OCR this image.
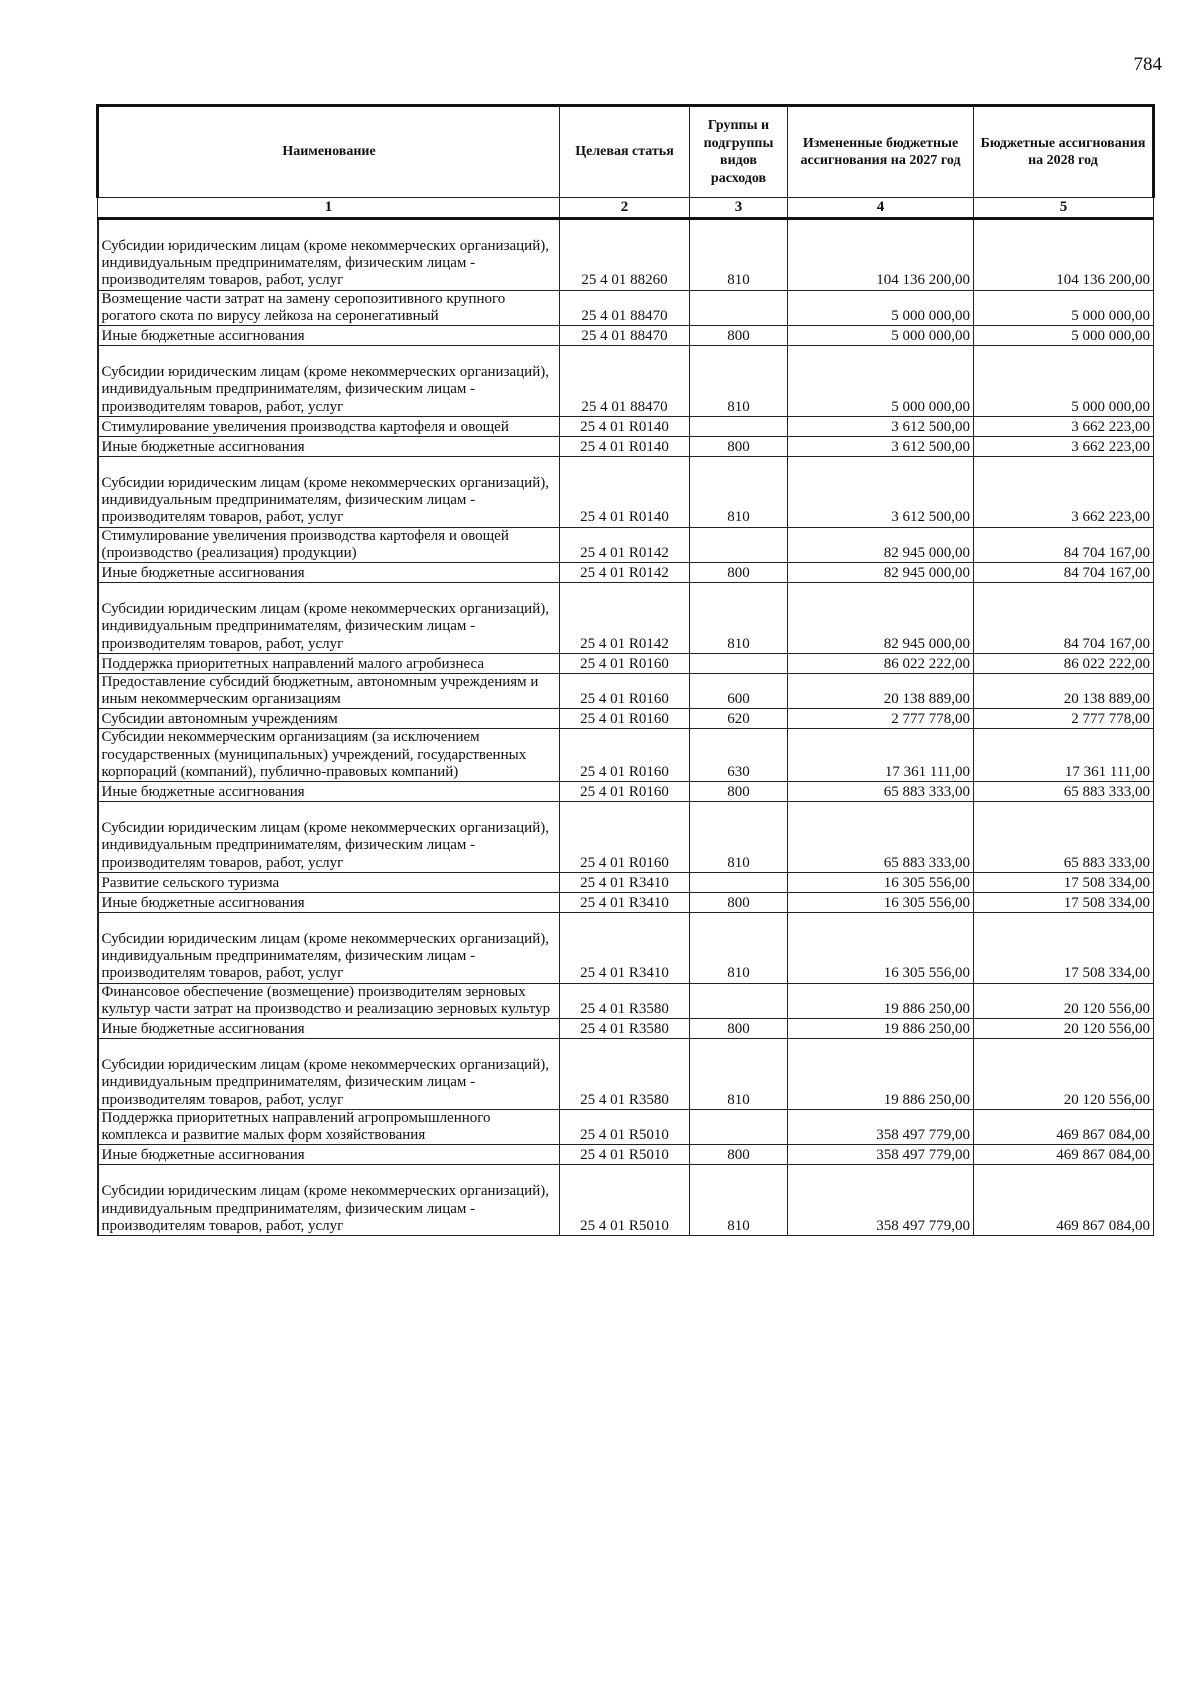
784
Наименование	Целевая статья	Группы и подгруппы видов расходов	Измененные бюджетные ассигнования на 2027 год	Бюджетные ассигнования на 2028 год
1	2	3	4	5
Субсидии юридическим лицам (кроме некоммерческих организаций), индивидуальным предпринимателям, физическим лицам - производителям товаров, работ, услуг	25 4 01 88260	810	104 136 200,00	104 136 200,00
Возмещение части затрат на замену серопозитивного крупного рогатого скота по вирусу лейкоза на серонегативный	25 4 01 88470		5 000 000,00	5 000 000,00
Иные бюджетные ассигнования	25 4 01 88470	800	5 000 000,00	5 000 000,00
Субсидии юридическим лицам (кроме некоммерческих организаций), индивидуальным предпринимателям, физическим лицам - производителям товаров, работ, услуг	25 4 01 88470	810	5 000 000,00	5 000 000,00
Стимулирование увеличения производства картофеля и овощей	25 4 01 R0140		3 612 500,00	3 662 223,00
Иные бюджетные ассигнования	25 4 01 R0140	800	3 612 500,00	3 662 223,00
Субсидии юридическим лицам (кроме некоммерческих организаций), индивидуальным предпринимателям, физическим лицам - производителям товаров, работ, услуг	25 4 01 R0140	810	3 612 500,00	3 662 223,00
Стимулирование увеличения производства картофеля и овощей (производство (реализация) продукции)	25 4 01 R0142		82 945 000,00	84 704 167,00
Иные бюджетные ассигнования	25 4 01 R0142	800	82 945 000,00	84 704 167,00
Субсидии юридическим лицам (кроме некоммерческих организаций), индивидуальным предпринимателям, физическим лицам - производителям товаров, работ, услуг	25 4 01 R0142	810	82 945 000,00	84 704 167,00
Поддержка приоритетных направлений малого агробизнеса	25 4 01 R0160		86 022 222,00	86 022 222,00
Предоставление субсидий бюджетным, автономным учреждениям и иным некоммерческим организациям	25 4 01 R0160	600	20 138 889,00	20 138 889,00
Субсидии автономным учреждениям	25 4 01 R0160	620	2 777 778,00	2 777 778,00
Субсидии некоммерческим организациям (за исключением государственных (муниципальных) учреждений, государственных корпораций (компаний), публично-правовых компаний)	25 4 01 R0160	630	17 361 111,00	17 361 111,00
Иные бюджетные ассигнования	25 4 01 R0160	800	65 883 333,00	65 883 333,00
Субсидии юридическим лицам (кроме некоммерческих организаций), индивидуальным предпринимателям, физическим лицам - производителям товаров, работ, услуг	25 4 01 R0160	810	65 883 333,00	65 883 333,00
Развитие сельского туризма	25 4 01 R3410		16 305 556,00	17 508 334,00
Иные бюджетные ассигнования	25 4 01 R3410	800	16 305 556,00	17 508 334,00
Субсидии юридическим лицам (кроме некоммерческих организаций), индивидуальным предпринимателям, физическим лицам - производителям товаров, работ, услуг	25 4 01 R3410	810	16 305 556,00	17 508 334,00
Финансовое обеспечение (возмещение) производителям зерновых культур части затрат на производство и реализацию зерновых культур	25 4 01 R3580		19 886 250,00	20 120 556,00
Иные бюджетные ассигнования	25 4 01 R3580	800	19 886 250,00	20 120 556,00
Субсидии юридическим лицам (кроме некоммерческих организаций), индивидуальным предпринимателям, физическим лицам - производителям товаров, работ, услуг	25 4 01 R3580	810	19 886 250,00	20 120 556,00
Поддержка приоритетных направлений агропромышленного комплекса и развитие малых форм хозяйствования	25 4 01 R5010		358 497 779,00	469 867 084,00
Иные бюджетные ассигнования	25 4 01 R5010	800	358 497 779,00	469 867 084,00
Субсидии юридическим лицам (кроме некоммерческих организаций), индивидуальным предпринимателям, физическим лицам - производителям товаров, работ, услуг	25 4 01 R5010	810	358 497 779,00	469 867 084,00
